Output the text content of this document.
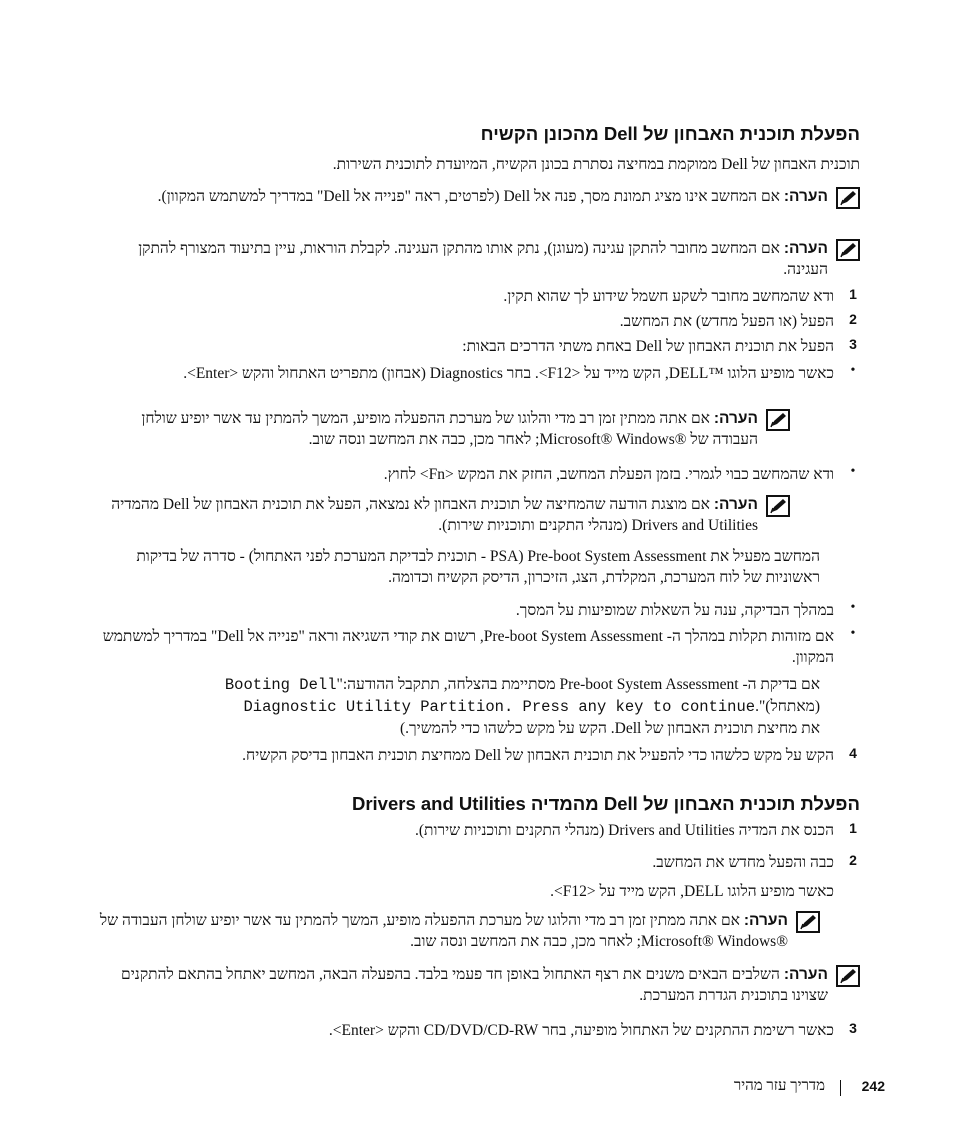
הפעלת תוכנית האבחון של Dell מהכונן הקשיח

תוכנית האבחון של Dell ממוקמת במחיצה נסתרת בכונן הקשיח, המיועדת לתוכנית השירות.

הערה: אם המחשב אינו מציג תמונת מסך, פנה אל Dell (לפרטים, ראה "פנייה אל Dell" במדריך למשתמש המקוון).

הערה: אם המחשב מחובר להתקן עגינה (מעוגן), נתק אותו מהתקן העגינה. לקבלת הוראות, עיין בתיעוד המצורף להתקן העגינה.

1

ודא שהמחשב מחובר לשקע חשמל שידוע לך שהוא תקין.

2

הפעל (או הפעל מחדש) את המחשב.

3

הפעל את תוכנית האבחון של Dell באחת משתי הדרכים הבאות:

•

כאשר מופיע הלוגו ™DELL, הקש מייד על <F12>. בחר Diagnostics (אבחון) מתפריט האתחול והקש <Enter>.

הערה: אם אתה ממתין זמן רב מדי והלוגו של מערכת ההפעלה מופיע, המשך להמתין עד אשר יופיע שולחן העבודה של ®Microsoft® Windows; לאחר מכן, כבה את המחשב ונסה שוב.

•

ודא שהמחשב כבוי לגמרי. בזמן הפעלת המחשב, החזק את המקש <Fn> לחוץ.

הערה: אם מוצגת הודעה שהמחיצה של תוכנית האבחון לא נמצאה, הפעל את תוכנית האבחון של Dell מהמדיה Drivers and Utilities (מנהלי התקנים ותוכניות שירות).

המחשב מפעיל את Pre-boot System Assessment (PSA - תוכנית לבדיקת המערכת לפני האתחול) - סדרה של בדיקות ראשוניות של לוח המערכת, המקלדת, הצג, הזיכרון, הדיסק הקשיח וכדומה.

•

במהלך הבדיקה, ענה על השאלות שמופיעות על המסך.

•

אם מזוהות תקלות במהלך ה- Pre-boot System Assessment, רשום את קודי השגיאה וראה "פנייה אל Dell" במדריך למשתמש המקוון.

אם בדיקת ה- Pre-boot System Assessment מסתיימת בהצלחה, תתקבל ההודעה:"Booting Dell
(מאתחל)".Diagnostic Utility Partition. Press any key to continue

את מחיצת תוכנית האבחון של Dell. הקש על מקש כלשהו כדי להמשיך.)

4

הקש על מקש כלשהו כדי להפעיל את תוכנית האבחון של Dell ממחיצת תוכנית האבחון בדיסק הקשיח.

הפעלת תוכנית האבחון של Dell מהמדיה Drivers and Utilities
1

הכנס את המדיה Drivers and Utilities (מנהלי התקנים ותוכניות שירות).

2

כבה והפעל מחדש את המחשב.

כאשר מופיע הלוגו DELL, הקש מייד על <F12>.

הערה: אם אתה ממתין זמן רב מדי והלוגו של מערכת ההפעלה מופיע, המשך להמתין עד אשר יופיע שולחן העבודה של ®Microsoft® Windows; לאחר מכן, כבה את המחשב ונסה שוב.

הערה: השלבים הבאים משנים את רצף האתחול באופן חד פעמי בלבד. בהפעלה הבאה, המחשב יאתחל בהתאם להתקנים שצוינו בתוכנית הגדרת המערכת.

3

כאשר רשימת ההתקנים של האתחול מופיעה, בחר CD/DVD/CD-RW והקש <Enter>.

242
מדריך עזר מהיר
